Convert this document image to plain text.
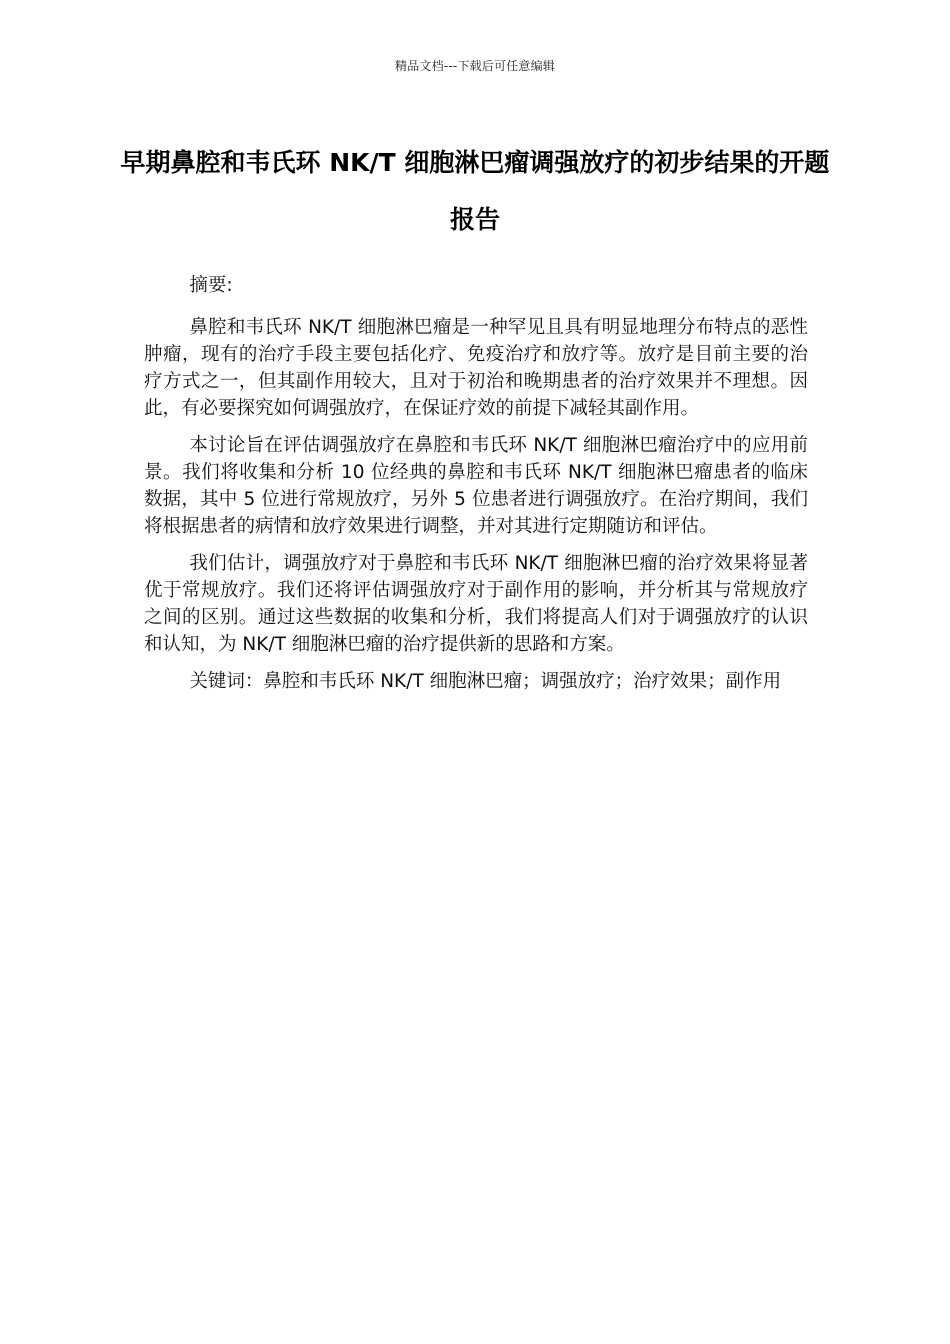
精品文档---下载后可任意编辑
早期鼻腔和韦氏环 NK/T 细胞淋巴瘤调强放疗的初步结果的开题报告

摘要:

鼻腔和韦氏环 NK/T 细胞淋巴瘤是一种罕见且具有明显地理分布特点的恶性肿瘤，现有的治疗手段主要包括化疗、免疫治疗和放疗等。放疗是目前主要的治疗方式之一，但其副作用较大，且对于初治和晚期患者的治疗效果并不理想。因此，有必要探究如何调强放疗，在保证疗效的前提下减轻其副作用。

本讨论旨在评估调强放疗在鼻腔和韦氏环 NK/T 细胞淋巴瘤治疗中的应用前景。我们将收集和分析 10 位经典的鼻腔和韦氏环 NK/T 细胞淋巴瘤患者的临床数据，其中 5 位进行常规放疗，另外 5 位患者进行调强放疗。在治疗期间，我们将根据患者的病情和放疗效果进行调整，并对其进行定期随访和评估。

我们估计，调强放疗对于鼻腔和韦氏环 NK/T 细胞淋巴瘤的治疗效果将显著优于常规放疗。我们还将评估调强放疗对于副作用的影响，并分析其与常规放疗之间的区别。通过这些数据的收集和分析，我们将提高人们对于调强放疗的认识和认知，为 NK/T 细胞淋巴瘤的治疗提供新的思路和方案。

关键词：鼻腔和韦氏环 NK/T 细胞淋巴瘤；调强放疗；治疗效果；副作用
